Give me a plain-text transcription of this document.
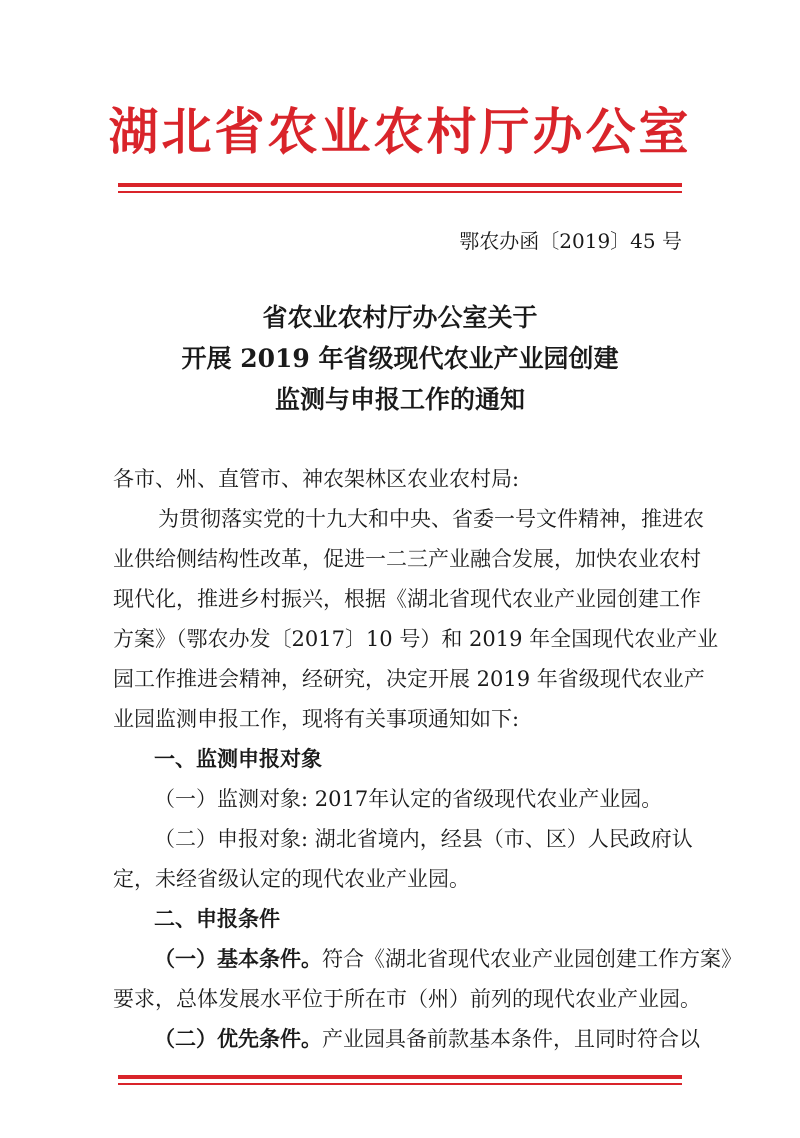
湖北省农业农村厅办公室
鄂农办函〔2019〕45 号
省农业农村厅办公室关于
开展 2019 年省级现代农业产业园创建
监测与申报工作的通知
各市、州、直管市、神农架林区农业农村局:
为贯彻落实党的十九大和中央、省委一号文件精神，推进农
业供给侧结构性改革，促进一二三产业融合发展，加快农业农村
现代化，推进乡村振兴，根据《湖北省现代农业产业园创建工作
方案》（鄂农办发〔2017〕10 号）和 2019 年全国现代农业产业
园工作推进会精神，经研究，决定开展 2019 年省级现代农业产
业园监测申报工作，现将有关事项通知如下:
一、监测申报对象
（一）监测对象: 2017年认定的省级现代农业产业园。
（二）申报对象: 湖北省境内，经县（市、区）人民政府认
定，未经省级认定的现代农业产业园。
二、申报条件
（一）基本条件。符合《湖北省现代农业产业园创建工作方案》
要求，总体发展水平位于所在市（州）前列的现代农业产业园。
（二）优先条件。产业园具备前款基本条件，且同时符合以
